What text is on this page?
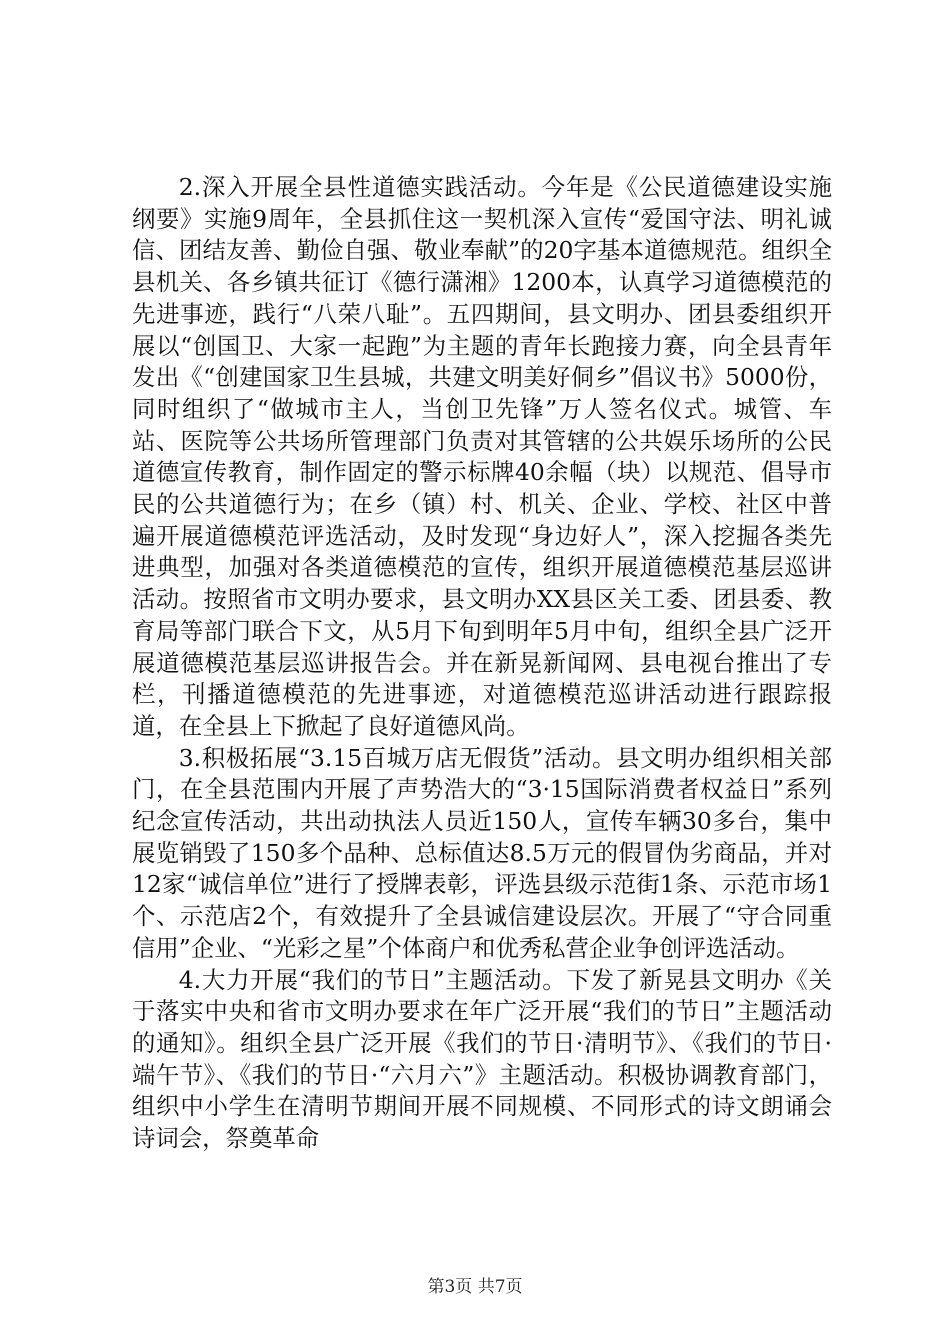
2.深入开展全县性道德实践活动。今年是《公民道德建设实施纲要》实施9周年，全县抓住这一契机深入宣传“爱国守法、明礼诚信、团结友善、勤俭自强、敬业奉献”的20字基本道德规范。组织全县机关、各乡镇共征订《德行潇湘》1200本，认真学习道德模范的先进事迹，践行“八荣八耻”。五四期间，县文明办、团县委组织开展以“创国卫、大家一起跑”为主题的青年长跑接力赛，向全县青年发出《“创建国家卫生县城，共建文明美好侗乡”倡议书》5000份，同时组织了“做城市主人，当创卫先锋”万人签名仪式。城管、车站、医院等公共场所管理部门负责对其管辖的公共娱乐场所的公民道德宣传教育，制作固定的警示标牌40余幅（块）以规范、倡导市民的公共道德行为；在乡（镇）村、机关、企业、学校、社区中普遍开展道德模范评选活动，及时发现“身边好人”，深入挖掘各类先进典型，加强对各类道德模范的宣传，组织开展道德模范基层巡讲活动。按照省市文明办要求，县文明办XX县区关工委、团县委、教育局等部门联合下文，从5月下旬到明年5月中旬，组织全县广泛开展道德模范基层巡讲报告会。并在新晃新闻网、县电视台推出了专栏，刊播道德模范的先进事迹，对道德模范巡讲活动进行跟踪报道，在全县上下掀起了良好道德风尚。

3.积极拓展“3.15百城万店无假货”活动。县文明办组织相关部门，在全县范围内开展了声势浩大的“3·15国际消费者权益日”系列纪念宣传活动，共出动执法人员近150人，宣传车辆30多台，集中展览销毁了150多个品种、总标值达8.5万元的假冒伪劣商品，并对12家“诚信单位”进行了授牌表彰，评选县级示范街1条、示范市场1个、示范店2个，有效提升了全县诚信建设层次。开展了“守合同重信用”企业、“光彩之星”个体商户和优秀私营企业争创评选活动。

4.大力开展“我们的节日”主题活动。下发了新晃县文明办《关于落实中央和省市文明办要求在年广泛开展“我们的节日”主题活动的通知》。组织全县广泛开展《我们的节日·清明节》、《我们的节日·端午节》、《我们的节日·“六月六”》主题活动。积极协调教育部门，组织中小学生在清明节期间开展不同规模、不同形式的诗文朗诵会诗词会，祭奠革命

第3页 共7页
